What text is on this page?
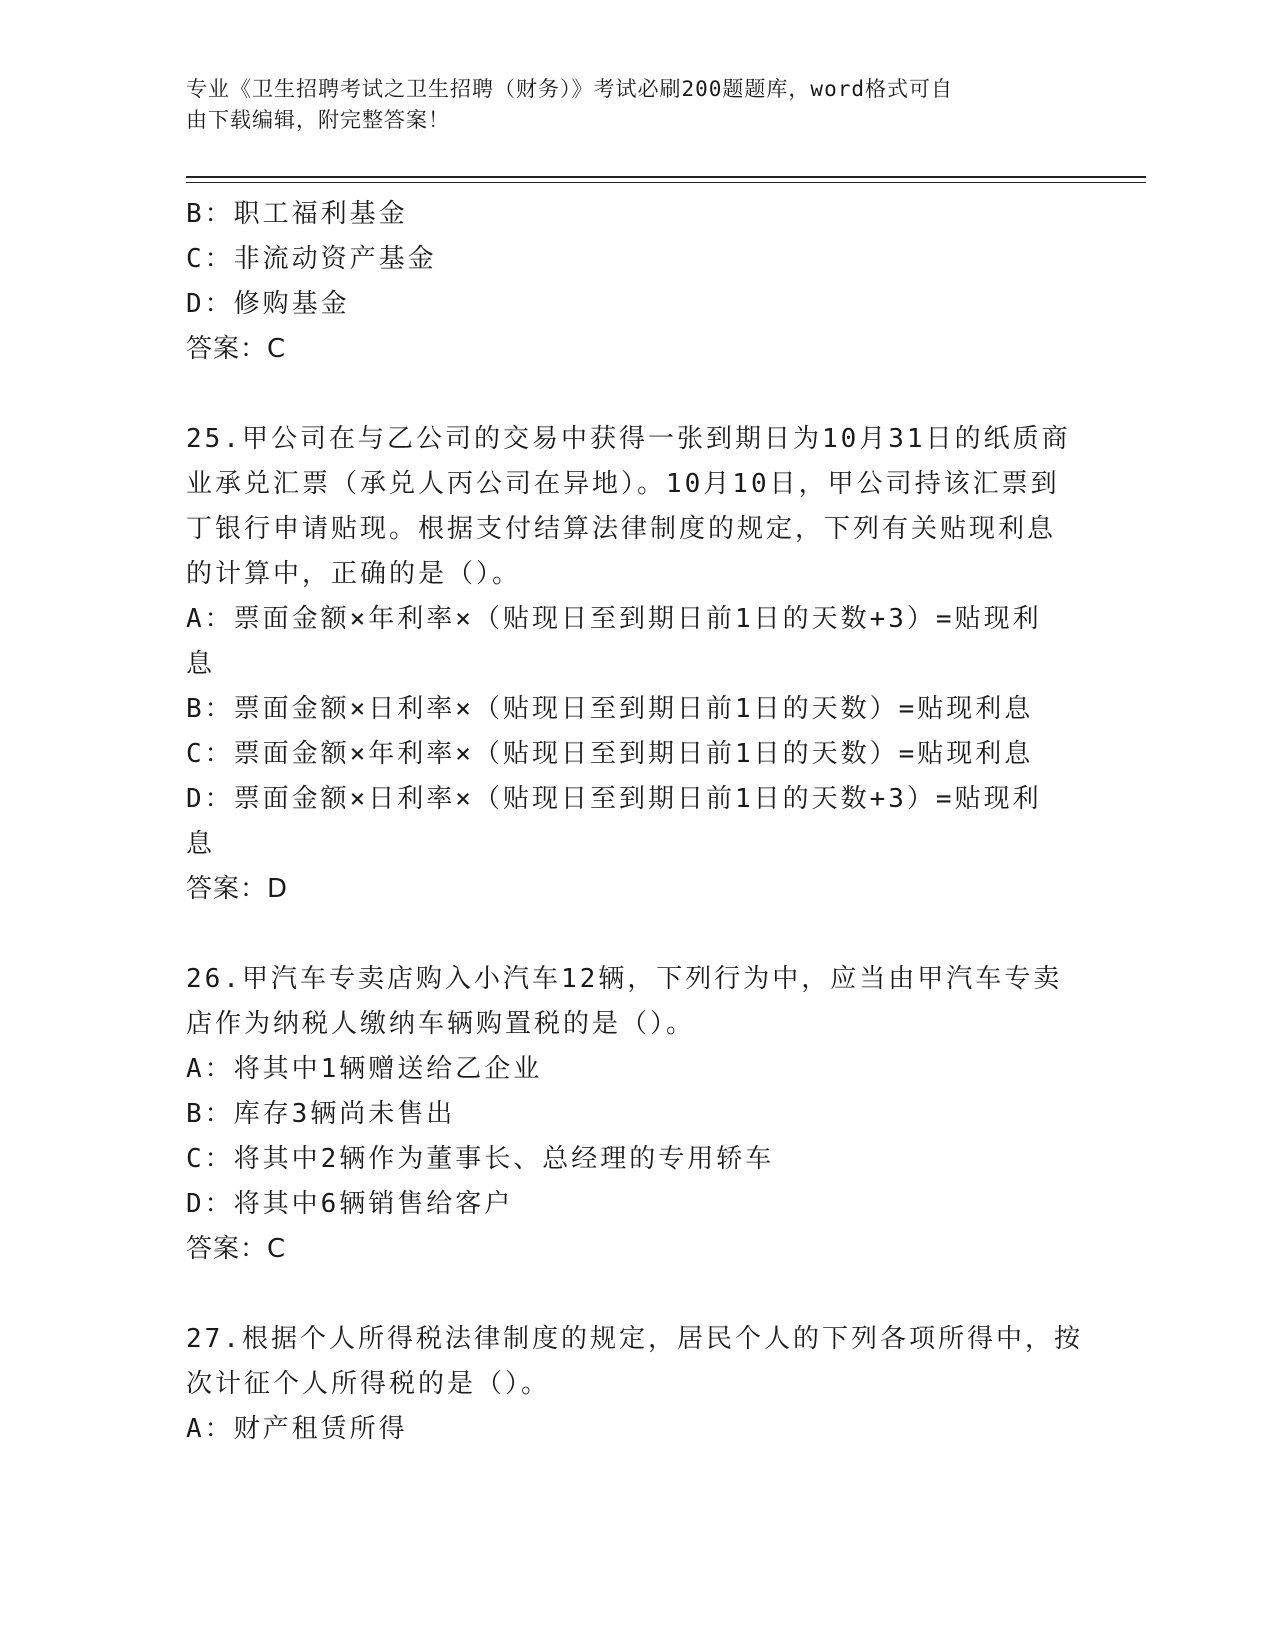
专业《卫生招聘考试之卫生招聘（财务）》考试必刷200题题库，word格式可自
由下载编辑，附完整答案！

B：职工福利基金

C：非流动资产基金

D：修购基金

答案：C

25.甲公司在与乙公司的交易中获得一张到期日为10月31日的纸质商

业承兑汇票（承兑人丙公司在异地）。10月10日，甲公司持该汇票到

丁银行申请贴现。根据支付结算法律制度的规定，下列有关贴现利息

的计算中，正确的是（）。

A：票面金额×年利率×（贴现日至到期日前1日的天数+3）=贴现利

息

B：票面金额×日利率×（贴现日至到期日前1日的天数）=贴现利息

C：票面金额×年利率×（贴现日至到期日前1日的天数）=贴现利息

D：票面金额×日利率×（贴现日至到期日前1日的天数+3）=贴现利

息

答案：D

26.甲汽车专卖店购入小汽车12辆，下列行为中，应当由甲汽车专卖

店作为纳税人缴纳车辆购置税的是（）。

A：将其中1辆赠送给乙企业

B：库存3辆尚未售出

C：将其中2辆作为董事长、总经理的专用轿车

D：将其中6辆销售给客户

答案：C

27.根据个人所得税法律制度的规定，居民个人的下列各项所得中，按

次计征个人所得税的是（）。

A：财产租赁所得
